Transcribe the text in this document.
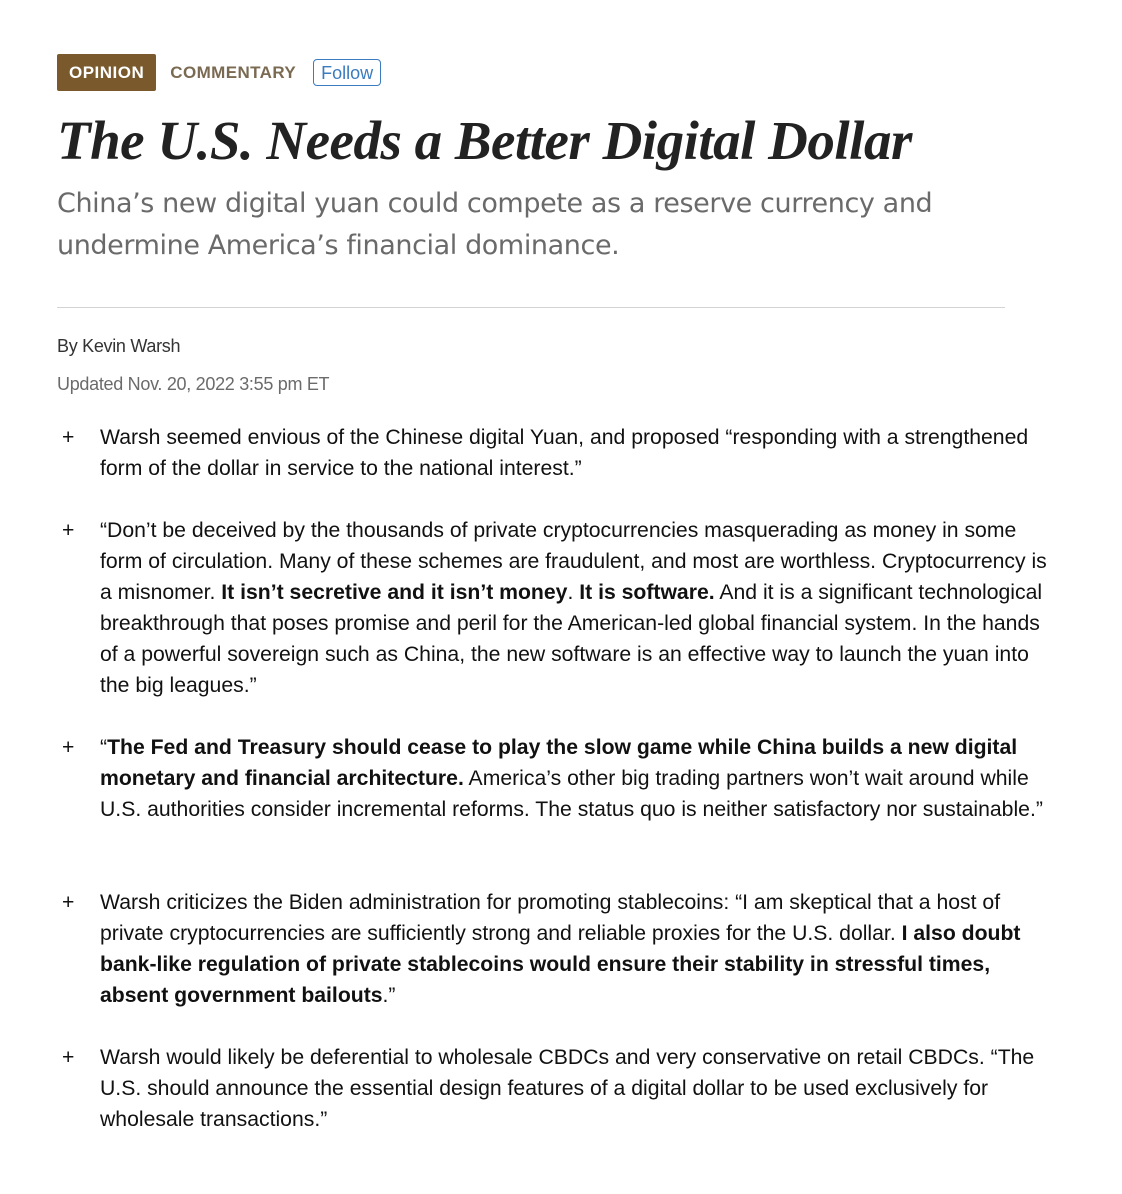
OPINION	COMMENTARY	Follow
The U.S. Needs a Better Digital Dollar

China’s new digital yuan could compete as a reserve currency and undermine America’s financial dominance.

By Kevin Warsh
Updated Nov. 20, 2022 3:55 pm ET
+	Warsh seemed envious of the Chinese digital Yuan, and proposed “responding with a strengthened form of the dollar in service to the national interest.”
+	“Don’t be deceived by the thousands of private cryptocurrencies masquerading as money in some form of circulation. Many of these schemes are fraudulent, and most are worthless. Cryptocurrency is a misnomer. It isn’t secretive and it isn’t money. It is software. And it is a significant technological breakthrough that poses promise and peril for the American-led global financial system. In the hands of a powerful sovereign such as China, the new software is an effective way to launch the yuan into the big leagues.”
+	“The Fed and Treasury should cease to play the slow game while China builds a new digital monetary and financial architecture. America’s other big trading partners won’t wait around while U.S. authorities consider incremental reforms. The status quo is neither satisfactory nor sustainable.”
+	Warsh criticizes the Biden administration for promoting stablecoins: “I am skeptical that a host of private cryptocurrencies are sufficiently strong and reliable proxies for the U.S. dollar. I also doubt bank-like regulation of private stablecoins would ensure their stability in stressful times, absent government bailouts.”
+	Warsh would likely be deferential to wholesale CBDCs and very conservative on retail CBDCs. “The U.S. should announce the essential design features of a digital dollar to be used exclusively for wholesale transactions.”
